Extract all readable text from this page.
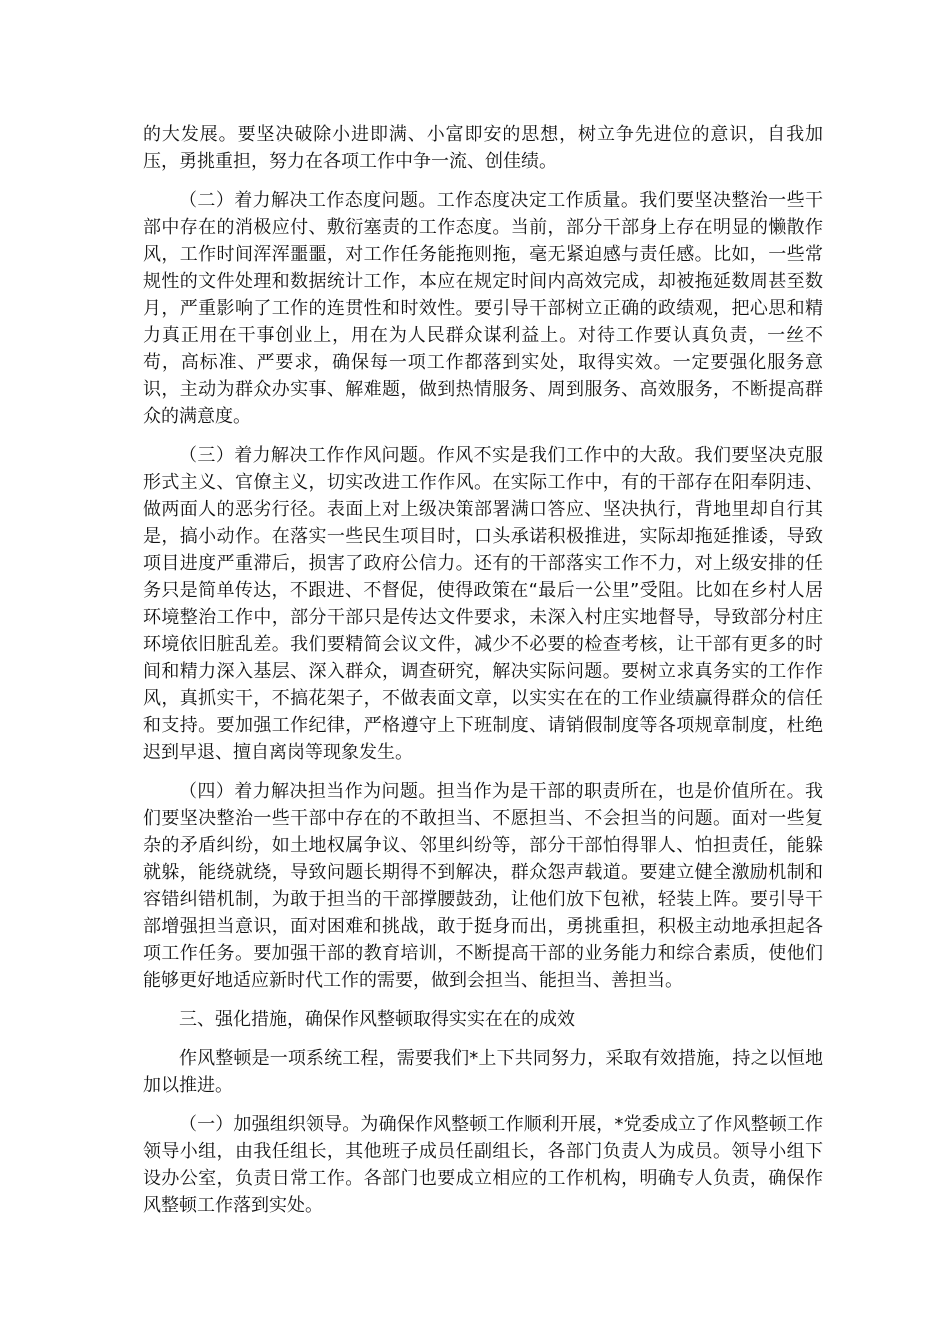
的大发展。要坚决破除小进即满、小富即安的思想，树立争先进位的意识，自我加压，勇挑重担，努力在各项工作中争一流、创佳绩。

（二）着力解决工作态度问题。工作态度决定工作质量。我们要坚决整治一些干部中存在的消极应付、敷衍塞责的工作态度。当前，部分干部身上存在明显的懒散作风，工作时间浑浑噩噩，对工作任务能拖则拖，毫无紧迫感与责任感。比如，一些常规性的文件处理和数据统计工作，本应在规定时间内高效完成，却被拖延数周甚至数月，严重影响了工作的连贯性和时效性。要引导干部树立正确的政绩观，把心思和精力真正用在干事创业上，用在为人民群众谋利益上。对待工作要认真负责，一丝不苟，高标准、严要求，确保每一项工作都落到实处，取得实效。一定要强化服务意识，主动为群众办实事、解难题，做到热情服务、周到服务、高效服务，不断提高群众的满意度。

（三）着力解决工作作风问题。作风不实是我们工作中的大敌。我们要坚决克服形式主义、官僚主义，切实改进工作作风。在实际工作中，有的干部存在阳奉阴违、做两面人的恶劣行径。表面上对上级决策部署满口答应、坚决执行，背地里却自行其是，搞小动作。在落实一些民生项目时，口头承诺积极推进，实际却拖延推诿，导致项目进度严重滞后，损害了政府公信力。还有的干部落实工作不力，对上级安排的任务只是简单传达，不跟进、不督促，使得政策在“最后一公里”受阻。比如在乡村人居环境整治工作中，部分干部只是传达文件要求，未深入村庄实地督导，导致部分村庄环境依旧脏乱差。我们要精简会议文件，减少不必要的检查考核，让干部有更多的时间和精力深入基层、深入群众，调查研究，解决实际问题。要树立求真务实的工作作风，真抓实干，不搞花架子，不做表面文章，以实实在在的工作业绩赢得群众的信任和支持。要加强工作纪律，严格遵守上下班制度、请销假制度等各项规章制度，杜绝迟到早退、擅自离岗等现象发生。

（四）着力解决担当作为问题。担当作为是干部的职责所在，也是价值所在。我们要坚决整治一些干部中存在的不敢担当、不愿担当、不会担当的问题。面对一些复杂的矛盾纠纷，如土地权属争议、邻里纠纷等，部分干部怕得罪人、怕担责任，能躲就躲，能绕就绕，导致问题长期得不到解决，群众怨声载道。要建立健全激励机制和容错纠错机制，为敢于担当的干部撑腰鼓劲，让他们放下包袱，轻装上阵。要引导干部增强担当意识，面对困难和挑战，敢于挺身而出，勇挑重担，积极主动地承担起各项工作任务。要加强干部的教育培训，不断提高干部的业务能力和综合素质，使他们能够更好地适应新时代工作的需要，做到会担当、能担当、善担当。

三、强化措施，确保作风整顿取得实实在在的成效

作风整顿是一项系统工程，需要我们*上下共同努力，采取有效措施，持之以恒地加以推进。

（一）加强组织领导。为确保作风整顿工作顺利开展，*党委成立了作风整顿工作领导小组，由我任组长，其他班子成员任副组长，各部门负责人为成员。领导小组下设办公室，负责日常工作。各部门也要成立相应的工作机构，明确专人负责，确保作风整顿工作落到实处。
